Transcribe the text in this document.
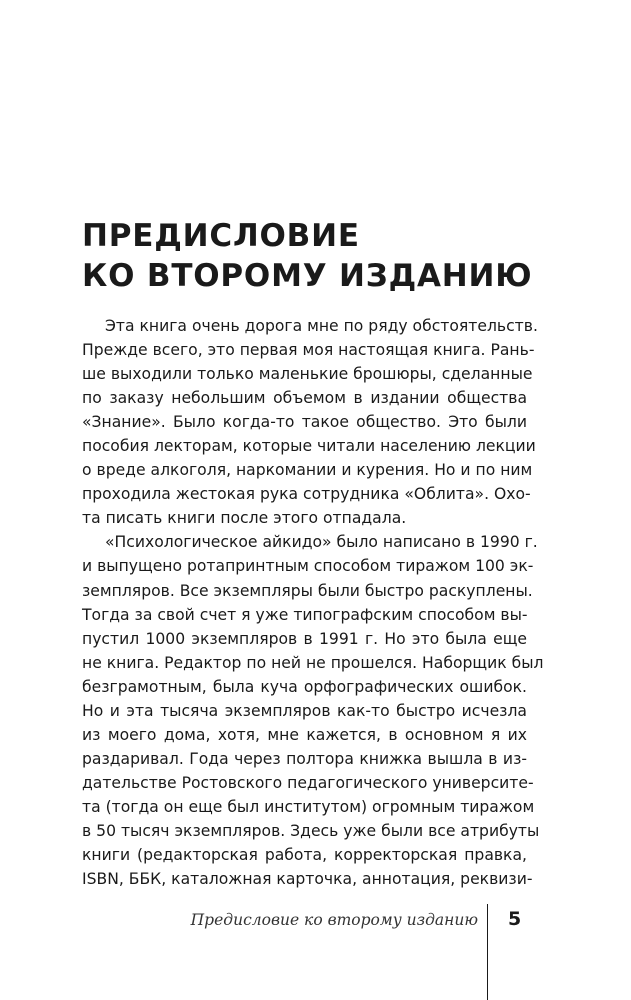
ПРЕДИСЛОВИЕ
КО ВТОРОМУ ИЗДАНИЮ
Эта книга очень дорога мне по ряду обстоятельств.
Прежде всего, это первая моя настоящая книга. Рань-
ше выходили только маленькие брошюры, сделанные
по заказу небольшим объемом в издании общества
«Знание». Было когда-то такое общество. Это были
пособия лекторам, которые читали населению лекции
о вреде алкоголя, наркомании и курения. Но и по ним
проходила жестокая рука сотрудника «Облита». Охо-
та писать книги после этого отпадала.
«Психологическое айкидо» было написано в 1990 г.
и выпущено ротапринтным способом тиражом 100 эк-
земпляров. Все экземпляры были быстро раскуплены.
Тогда за свой счет я уже типографским способом вы-
пустил 1000 экземпляров в 1991 г. Но это была еще
не книга. Редактор по ней не прошелся. Наборщик был
безграмотным, была куча орфографических ошибок.
Но и эта тысяча экземпляров как-то быстро исчезла
из моего дома, хотя, мне кажется, в основном я их
раздаривал. Года через полтора книжка вышла в из-
дательстве Ростовского педагогического университе-
та (тогда он еще был институтом) огромным тиражом
в 50 тысяч экземпляров. Здесь уже были все атрибуты
книги (редакторская работа, корректорская правка,
ISBN, ББК, каталожная карточка, аннотация, реквизи-
Предисловие ко второму изданию 5
